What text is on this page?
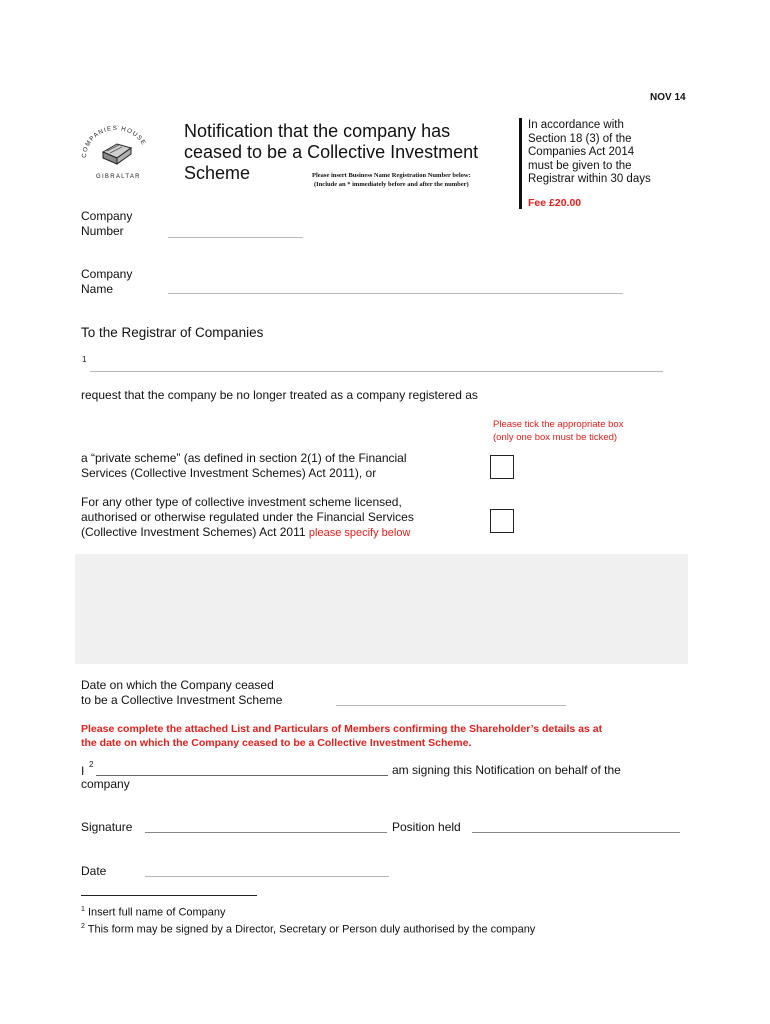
NOV 14
COMPANIES HOUSE
GIBRALTAR
Notification that the company has
ceased to be a Collective Investment
Scheme	Please insert Business Name Registration Number below:
(Include an * immediately before and after the number)
In accordance with
Section 18 (3) of the
Companies Act 2014
must be given to the
Registrar within 30 days
Fee £20.00
Company
Number
Company
Name
To the Registrar of Companies
1
request that the company be no longer treated as a company registered as
Please tick the appropriate box
(only one box must be ticked)
a “private scheme” (as defined in section 2(1) of the Financial
Services (Collective Investment Schemes) Act 2011), or
For any other type of collective investment scheme licensed,
authorised or otherwise regulated under the Financial Services
(Collective Investment Schemes) Act 2011 please specify below
Date on which the Company ceased
to be a Collective Investment Scheme
Please complete the attached List and Particulars of Members confirming the Shareholder’s details as at
the date on which the Company ceased to be a Collective Investment Scheme.
I 2	am signing this Notification on behalf of the
company
Signature	Position held
Date
$^1$ Insert full name of Company
$^2$ This form may be signed by a Director, Secretary or Person duly authorised by the company
